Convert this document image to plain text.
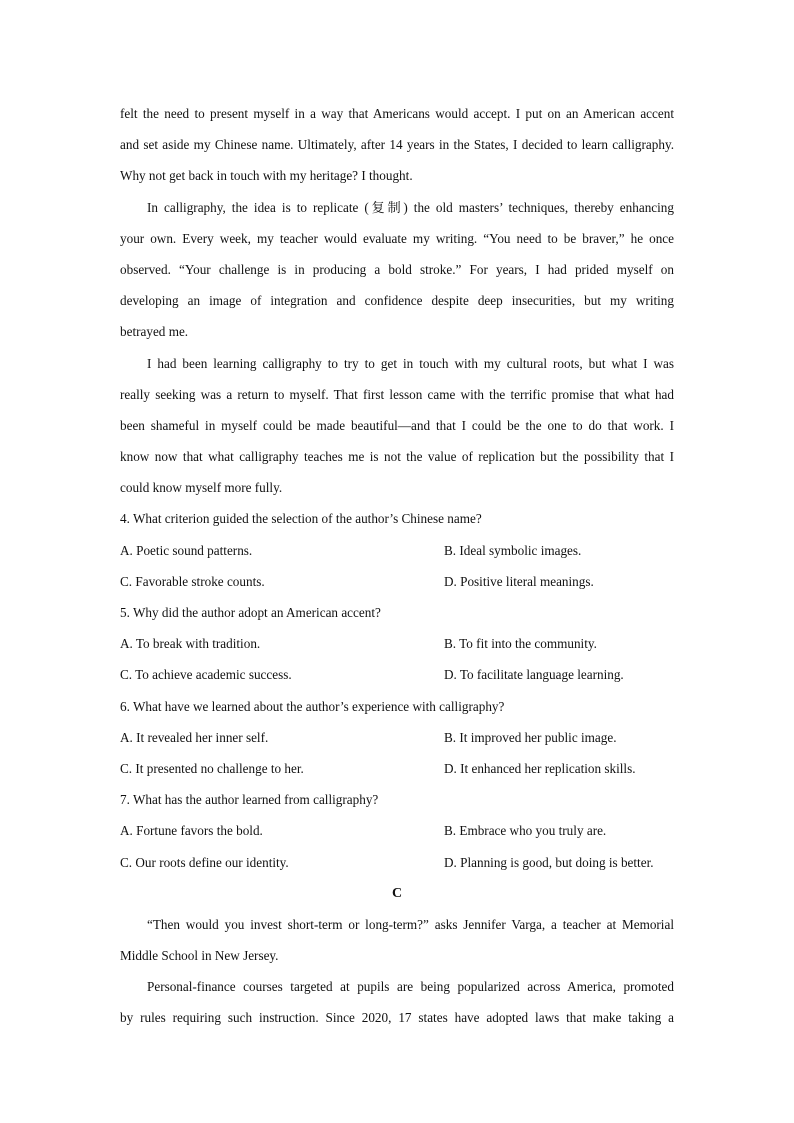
felt the need to present myself in a way that Americans would accept. I put on an American accent
and set aside my Chinese name. Ultimately, after 14 years in the States, I decided to learn calligraphy.
Why not get back in touch with my heritage? I thought.
In calligraphy, the idea is to replicate (复制) the old masters’ techniques, thereby enhancing
your own. Every week, my teacher would evaluate my writing. “You need to be braver,” he once
observed. “Your challenge is in producing a bold stroke.” For years, I had prided myself on
developing an image of integration and confidence despite deep insecurities, but my writing
betrayed me.
I had been learning calligraphy to try to get in touch with my cultural roots, but what I was
really seeking was a return to myself. That first lesson came with the terrific promise that what had
been shameful in myself could be made beautiful—and that I could be the one to do that work. I
know now that what calligraphy teaches me is not the value of replication but the possibility that I
could know myself more fully.
4. What criterion guided the selection of the author’s Chinese name?
A. Poetic sound patterns.	B. Ideal symbolic images.
C. Favorable stroke counts.	D. Positive literal meanings.
5. Why did the author adopt an American accent?
A. To break with tradition.	B. To fit into the community.
C. To achieve academic success.	D. To facilitate language learning.
6. What have we learned about the author’s experience with calligraphy?
A. It revealed her inner self.	B. It improved her public image.
C. It presented no challenge to her.	D. It enhanced her replication skills.
7. What has the author learned from calligraphy?
A. Fortune favors the bold.	B. Embrace who you truly are.
C. Our roots define our identity.	D. Planning is good, but doing is better.
C
“Then would you invest short-term or long-term?” asks Jennifer Varga, a teacher at Memorial
Middle School in New Jersey.
Personal-finance courses targeted at pupils are being popularized across America, promoted
by rules requiring such instruction. Since 2020, 17 states have adopted laws that make taking a
